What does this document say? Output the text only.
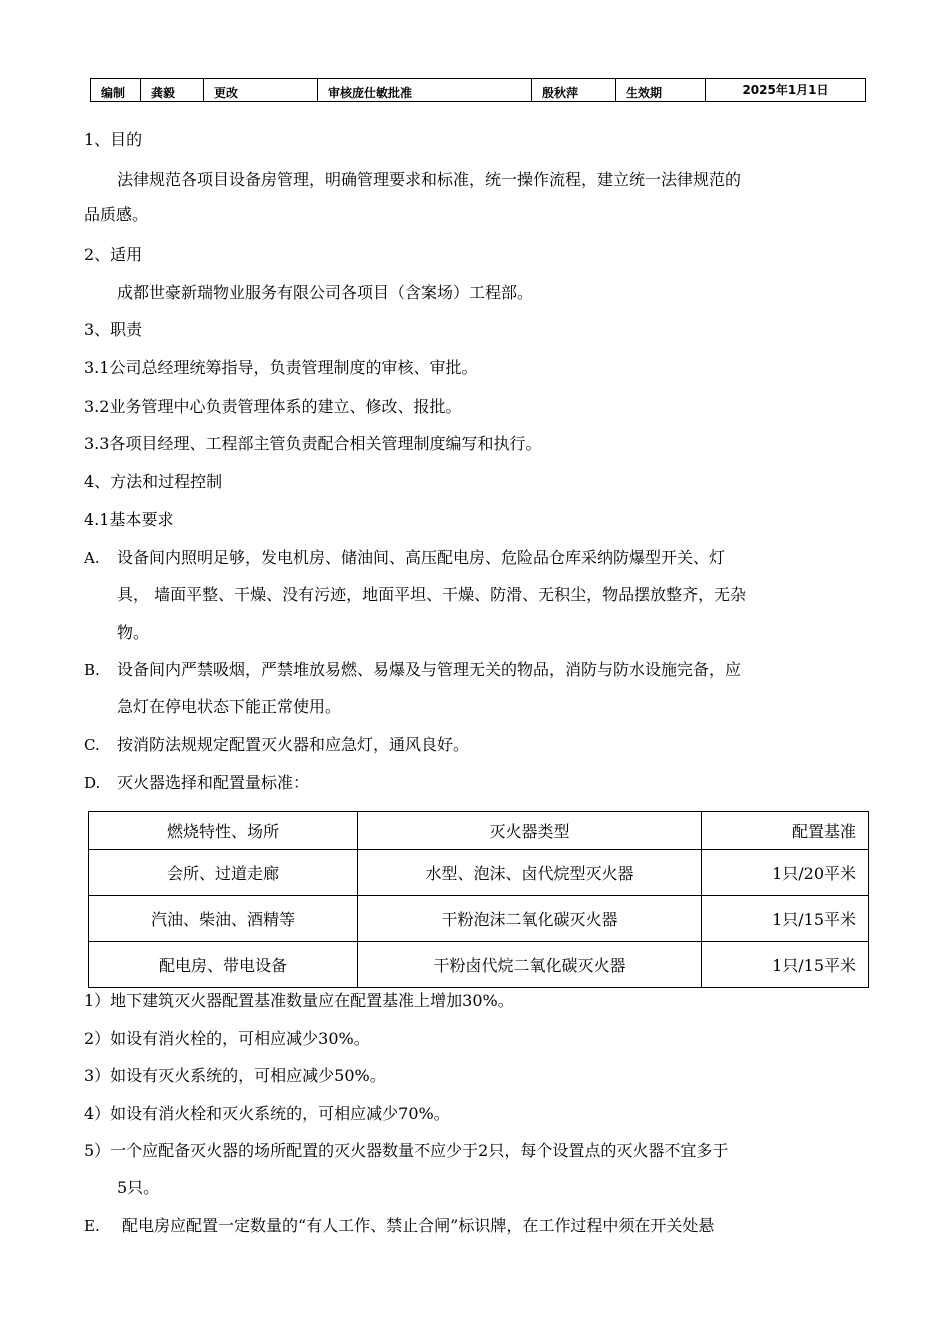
编制	龚毅	更改	审核庞仕敏批准	殷秋萍	生效期	2025年1月1日
1、目的
法律规范各项目设备房管理，明确管理要求和标准，统一操作流程，建立统一法律规范的
品质感。
2、适用
成都世豪新瑞物业服务有限公司各项目（含案场）工程部。
3、职责
3.1公司总经理统筹指导，负责管理制度的审核、审批。
3.2业务管理中心负责管理体系的建立、修改、报批。
3.3各项目经理、工程部主管负责配合相关管理制度编写和执行。
4、方法和过程控制
4.1基本要求
A. 设备间内照明足够，发电机房、储油间、高压配电房、危险品仓库采纳防爆型开关、灯
具， 墙面平整、干燥、没有污迹，地面平坦、干燥、防滑、无积尘，物品摆放整齐，无杂
物。
B. 设备间内严禁吸烟，严禁堆放易燃、易爆及与管理无关的物品，消防与防水设施完备，应
急灯在停电状态下能正常使用。
C. 按消防法规规定配置灭火器和应急灯，通风良好。
D. 灭火器选择和配置量标准：
燃烧特性、场所	灭火器类型	配置基准
会所、过道走廊	水型、泡沫、卤代烷型灭火器	1只/20平米
汽油、柴油、酒精等	干粉泡沫二氧化碳灭火器	1只/15平米
配电房、带电设备	干粉卤代烷二氧化碳灭火器	1只/15平米
1）地下建筑灭火器配置基准数量应在配置基准上增加30%。
2）如设有消火栓的，可相应减少30%。
3）如设有灭火系统的，可相应减少50%。
4）如设有消火栓和灭火系统的，可相应减少70%。
5）一个应配备灭火器的场所配置的灭火器数量不应少于2只，每个设置点的灭火器不宜多于
5只。
E. 配电房应配置一定数量的“有人工作、禁止合闸”标识牌，在工作过程中须在开关处悬
